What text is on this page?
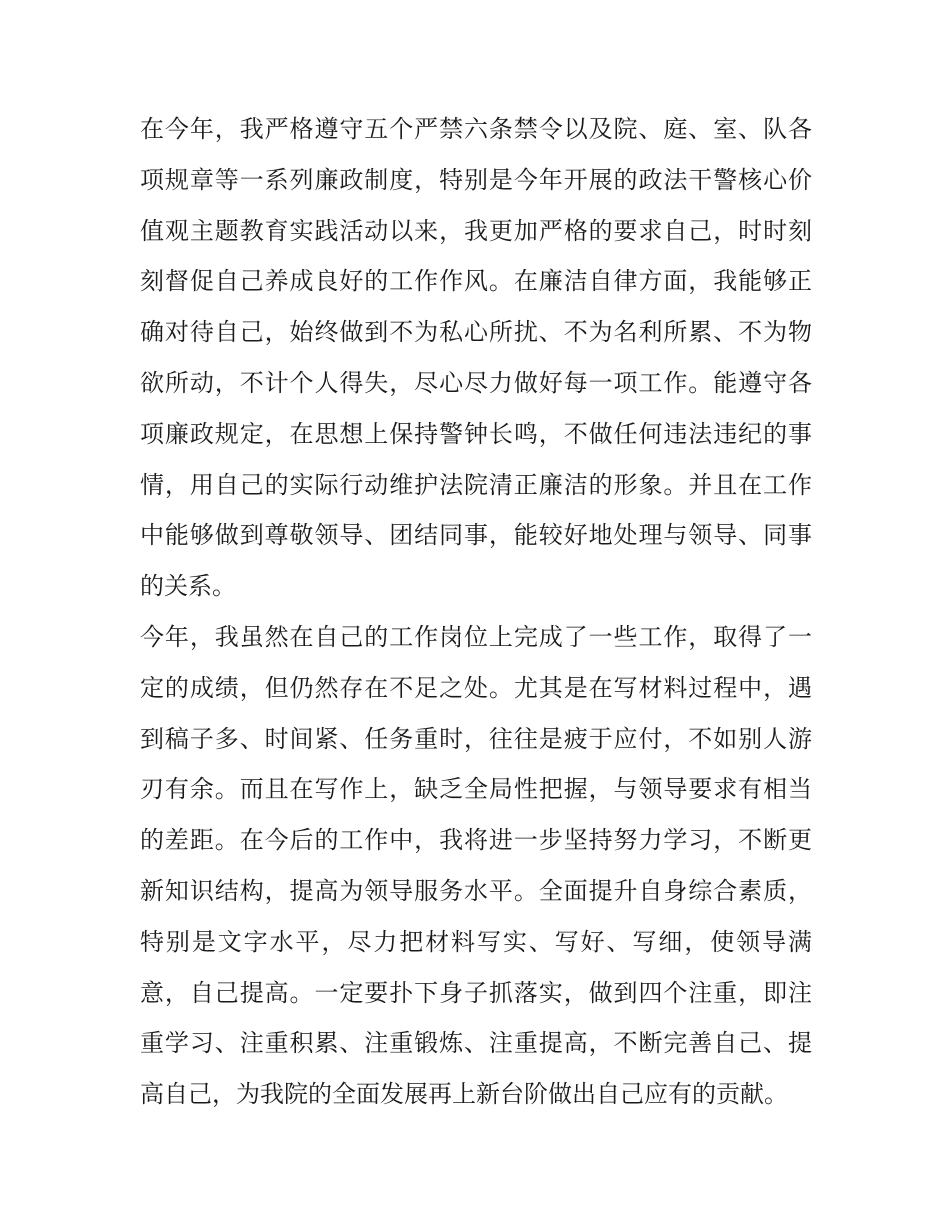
在今年，我严格遵守五个严禁六条禁令以及院、庭、室、队各
项规章等一系列廉政制度，特别是今年开展的政法干警核心价
值观主题教育实践活动以来，我更加严格的要求自己，时时刻
刻督促自己养成良好的工作作风。在廉洁自律方面，我能够正
确对待自己，始终做到不为私心所扰、不为名利所累、不为物
欲所动，不计个人得失，尽心尽力做好每一项工作。能遵守各
项廉政规定，在思想上保持警钟长鸣，不做任何违法违纪的事
情，用自己的实际行动维护法院清正廉洁的形象。并且在工作
中能够做到尊敬领导、团结同事，能较好地处理与领导、同事
的关系。
今年，我虽然在自己的工作岗位上完成了一些工作，取得了一
定的成绩，但仍然存在不足之处。尤其是在写材料过程中，遇
到稿子多、时间紧、任务重时，往往是疲于应付，不如别人游
刃有余。而且在写作上，缺乏全局性把握，与领导要求有相当
的差距。在今后的工作中，我将进一步坚持努力学习，不断更
新知识结构，提高为领导服务水平。全面提升自身综合素质，
特别是文字水平，尽力把材料写实、写好、写细，使领导满
意，自己提高。一定要扑下身子抓落实，做到四个注重，即注
重学习、注重积累、注重锻炼、注重提高，不断完善自己、提
高自己，为我院的全面发展再上新台阶做出自己应有的贡献。
